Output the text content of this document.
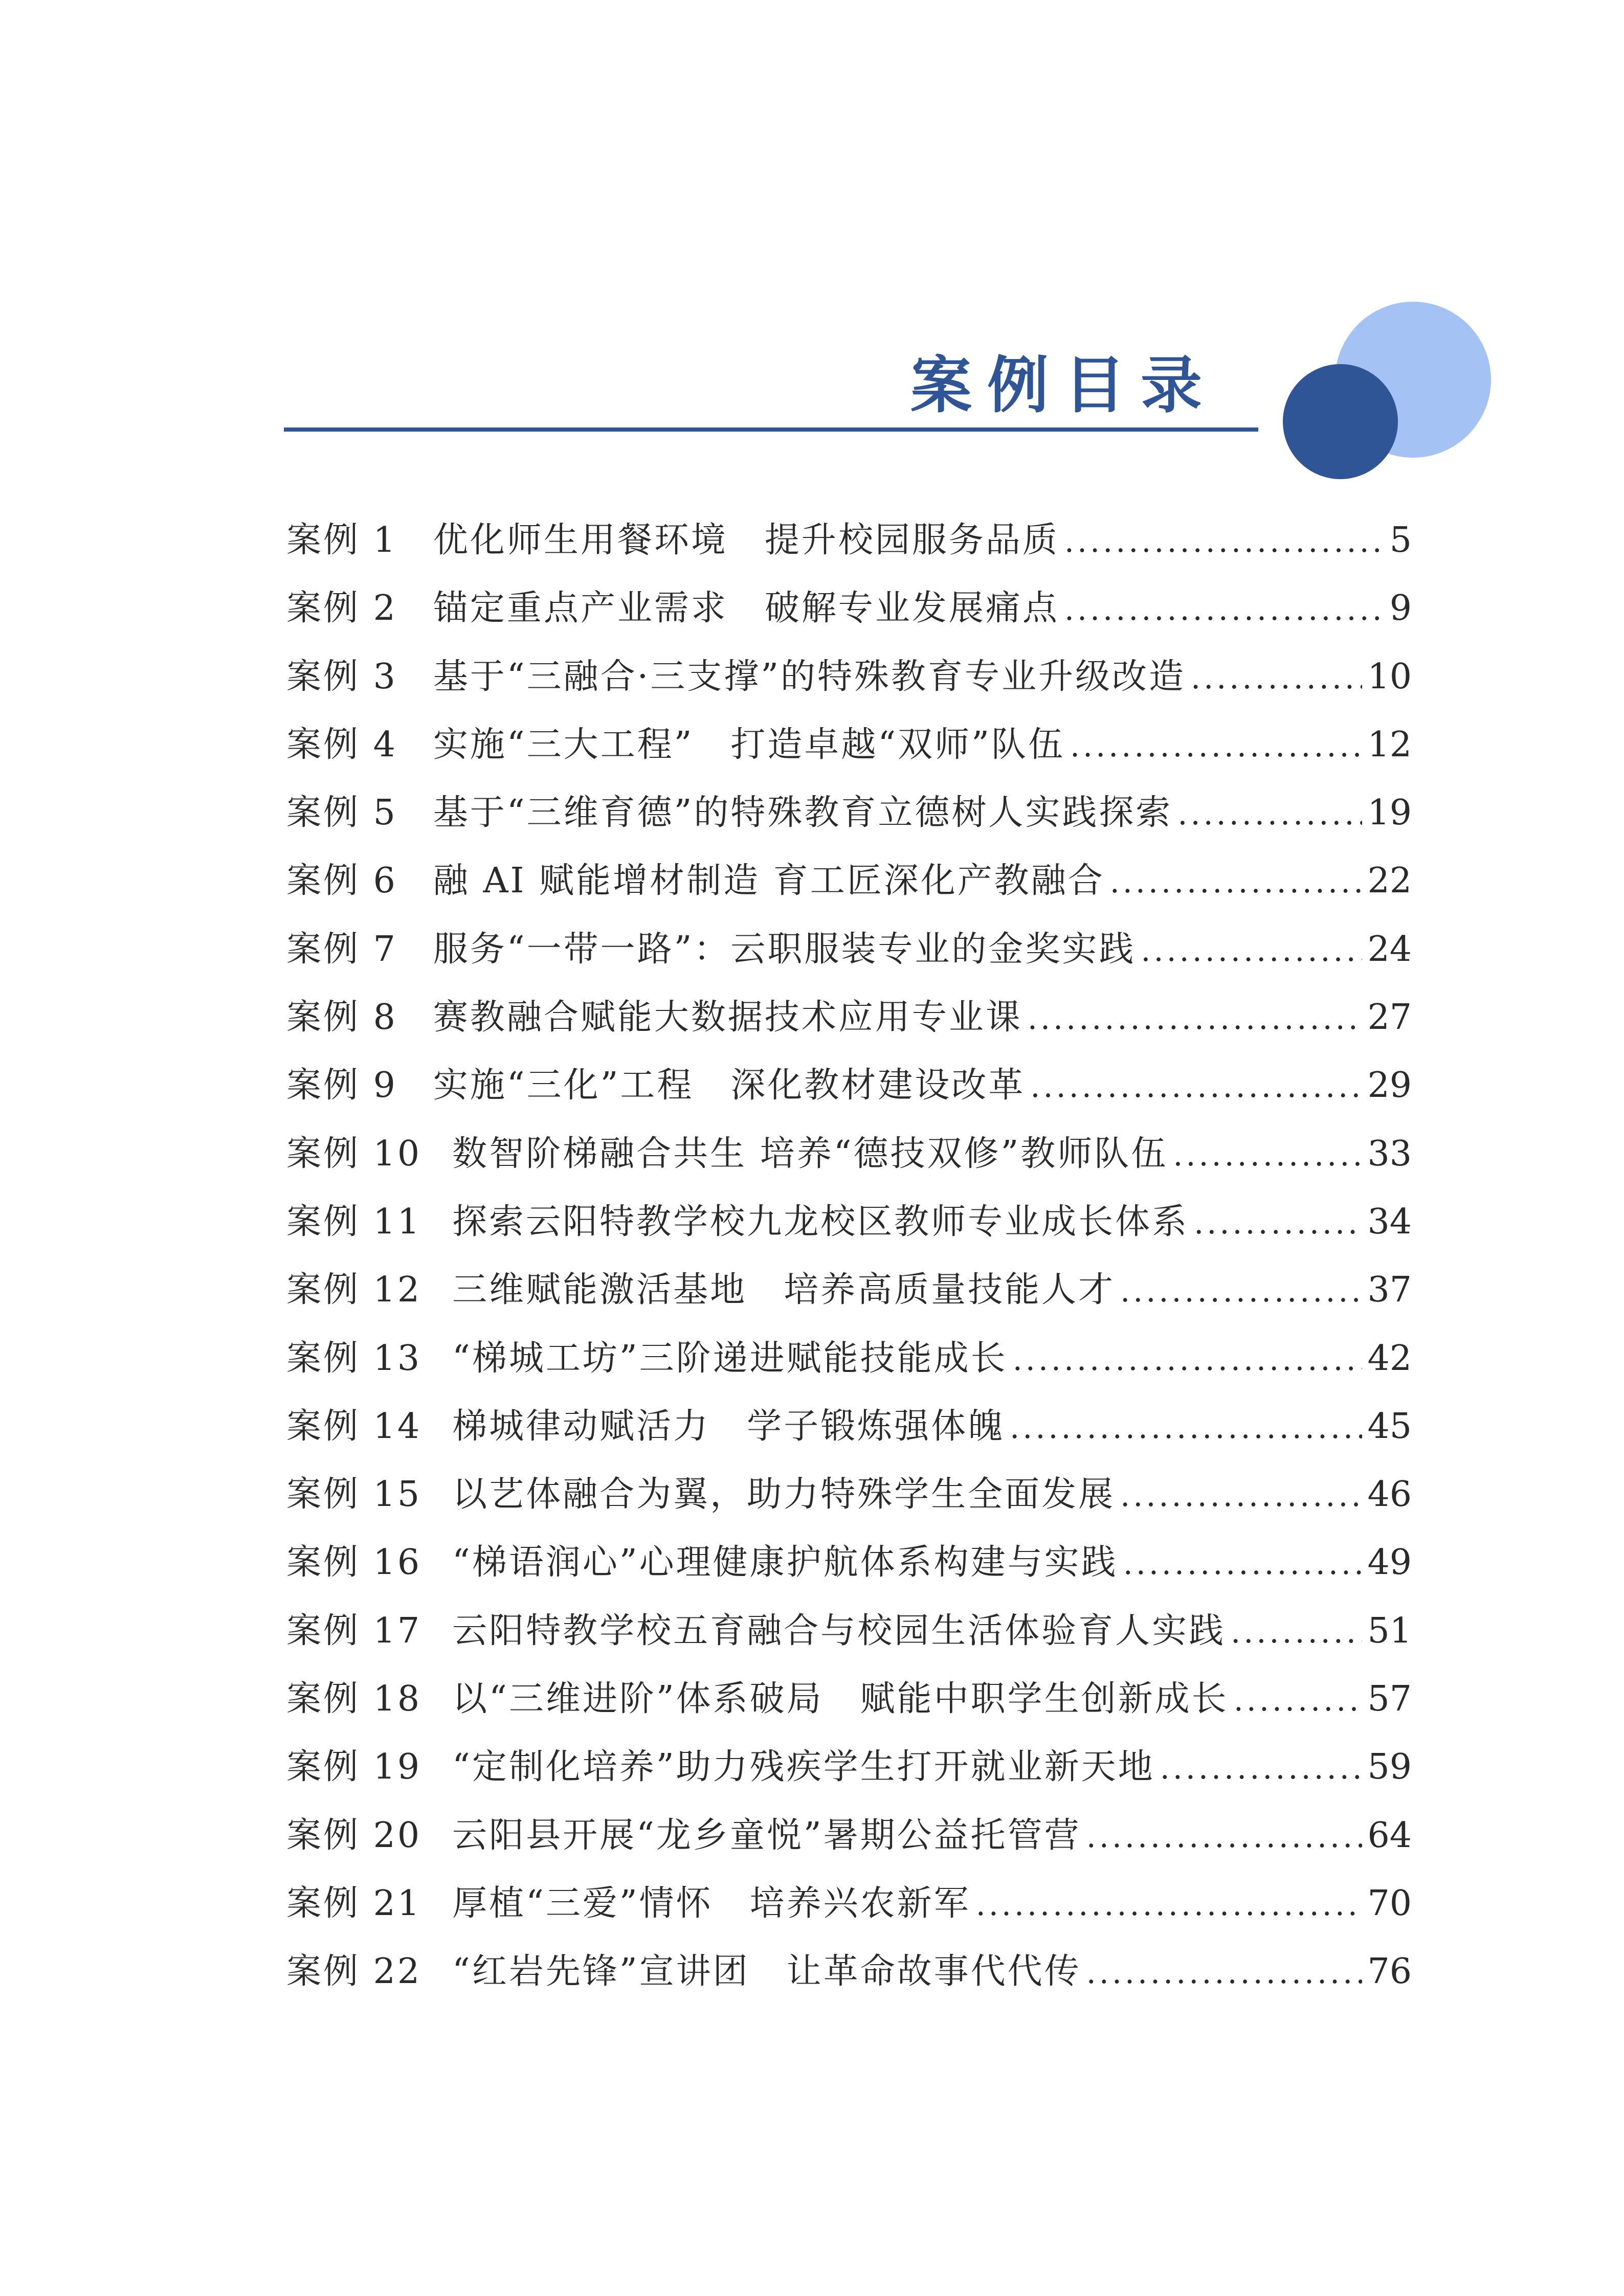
案例目录
案例 1 优化师生用餐环境　提升校园服务品质 .....	5
案例 2 锚定重点产业需求　破解专业发展痛点 .....	9
案例 3 基于“三融合·三支撑”的特殊教育专业升级改造 .....	10
案例 4 实施“三大工程”　打造卓越“双师”队伍 .....	12
案例 5 基于“三维育德”的特殊教育立德树人实践探索 .....	19
案例 6 融 AI 赋能增材制造 育工匠深化产教融合 .....	22
案例 7 服务“一带一路”：云职服装专业的金奖实践 .....	24
案例 8 赛教融合赋能大数据技术应用专业课 .....	27
案例 9 实施“三化”工程　深化教材建设改革 .....	29
案例 10 数智阶梯融合共生 培养“德技双修”教师队伍 .....	33
案例 11 探索云阳特教学校九龙校区教师专业成长体系 .....	34
案例 12 三维赋能激活基地　培养高质量技能人才 .....	37
案例 13 “梯城工坊”三阶递进赋能技能成长 .....	42
案例 14 梯城律动赋活力　学子锻炼强体魄 .....	45
案例 15 以艺体融合为翼，助力特殊学生全面发展 .....	46
案例 16 “梯语润心”心理健康护航体系构建与实践 .....	49
案例 17 云阳特教学校五育融合与校园生活体验育人实践 .....	51
案例 18 以“三维进阶”体系破局　赋能中职学生创新成长 .....	57
案例 19 “定制化培养”助力残疾学生打开就业新天地 .....	59
案例 20 云阳县开展“龙乡童悦”暑期公益托管营 .....	64
案例 21 厚植“三爱”情怀　培养兴农新军 .....	70
案例 22 “红岩先锋”宣讲团　让革命故事代代传 .....	76
